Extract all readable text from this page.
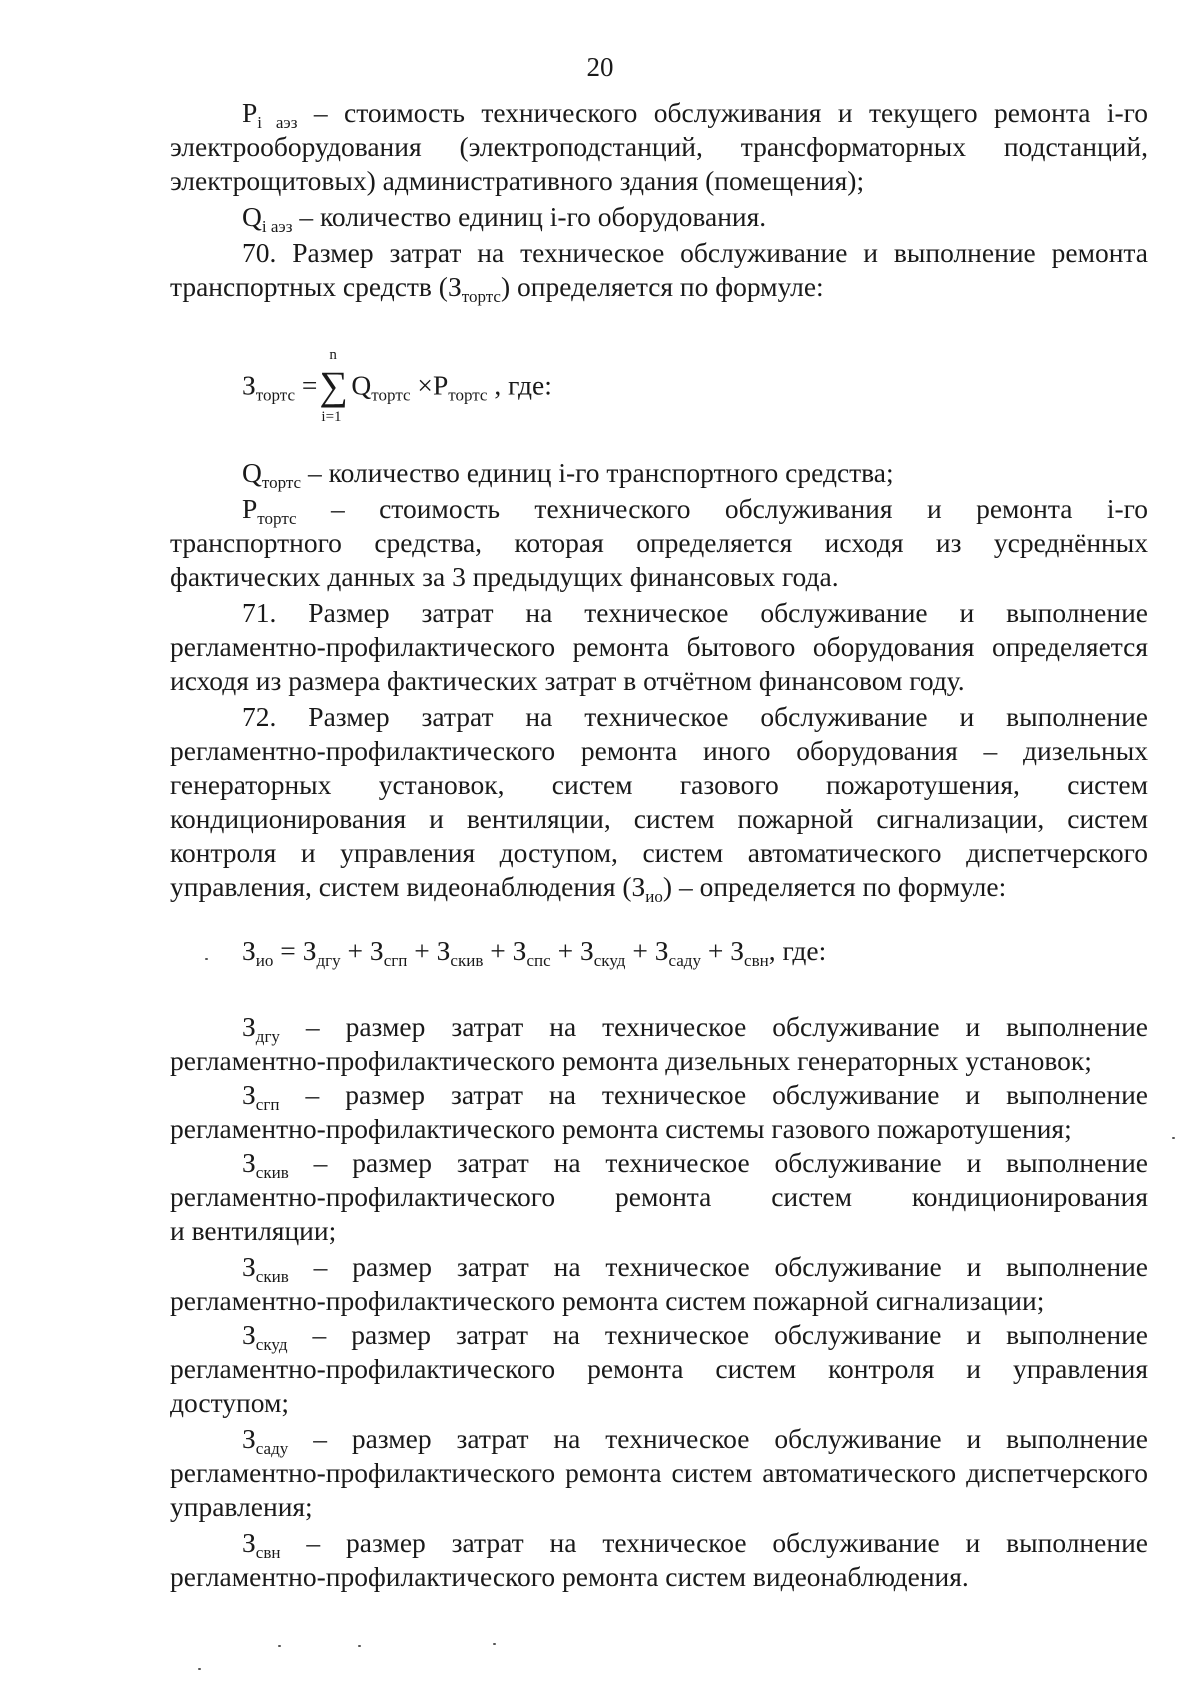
20
$P_{i аэз}$ – стоимость технического обслуживания и текущего ремонта i-го
электрооборудования (электроподстанций, трансформаторных подстанций,
электрощитовых) административного здания (помещения);
$Q_{i аэз}$ – количество единиц i-го оборудования.
70. Размер затрат на техническое обслуживание и выполнение ремонта
транспортных средств $(З_{тортс})$ определяется по формуле:
$З_{тортс}$ =
n
∑
i=1
$Q_{тортс} \times P_{тортс}$ , где:
$Q_{тортс}$ – количество единиц i-го транспортного средства;
$P_{тортс}$ – стоимость технического обслуживания и ремонта i-го
транспортного средства, которая определяется исходя из усреднённых
фактических данных за 3 предыдущих финансовых года.
71. Размер затрат на техническое обслуживание и выполнение
регламентно-профилактического ремонта бытового оборудования определяется
исходя из размера фактических затрат в отчётном финансовом году.
72. Размер затрат на техническое обслуживание и выполнение
регламентно-профилактического ремонта иного оборудования – дизельных
генераторных установок, систем газового пожаротушения, систем
кондиционирования и вентиляции, систем пожарной сигнализации, систем
контроля и управления доступом, систем автоматического диспетчерского
управления, систем видеонаблюдения $(З_{ио})$ – определяется по формуле:
$З_{ио} = З_{дгу} + З_{сгп} + З_{скив} + З_{спс} + З_{скуд} + З_{саду} + З_{свн}$, где:
$З_{дгу}$ – размер затрат на техническое обслуживание и выполнение
регламентно-профилактического ремонта дизельных генераторных установок;
$З_{сгп}$ – размер затрат на техническое обслуживание и выполнение
регламентно-профилактического ремонта системы газового пожаротушения;
$З_{скив}$ – размер затрат на техническое обслуживание и выполнение
регламентно-профилактического ремонта систем кондиционирования
и вентиляции;
$З_{скив}$ – размер затрат на техническое обслуживание и выполнение
регламентно-профилактического ремонта систем пожарной сигнализации;
$З_{скуд}$ – размер затрат на техническое обслуживание и выполнение
регламентно-профилактического ремонта систем контроля и управления
доступом;
$З_{саду}$ – размер затрат на техническое обслуживание и выполнение
регламентно-профилактического ремонта систем автоматического диспетчерского
управления;
$З_{свн}$ – размер затрат на техническое обслуживание и выполнение
регламентно-профилактического ремонта систем видеонаблюдения.
